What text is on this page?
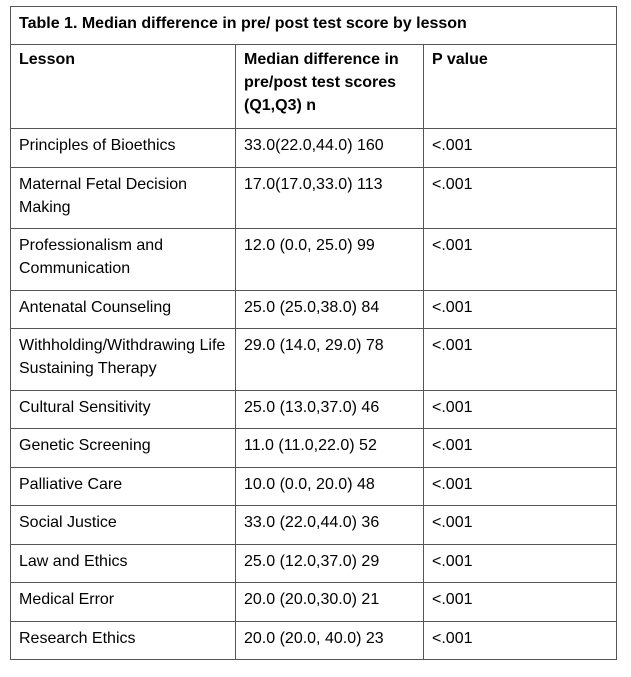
Table 1. Median difference in pre/ post test score by lesson		
Lesson	Median difference in pre/post test scores (Q1,Q3) n	P value
Principles of Bioethics	33.0(22.0,44.0) 160	<.001
Maternal Fetal Decision Making	17.0(17.0,33.0) 113	<.001
Professionalism and Communication	12.0 (0.0, 25.0) 99	<.001
Antenatal Counseling	25.0 (25.0,38.0) 84	<.001
Withholding/Withdrawing Life Sustaining Therapy	29.0 (14.0, 29.0) 78	<.001
Cultural Sensitivity	25.0 (13.0,37.0) 46	<.001
Genetic Screening	11.0 (11.0,22.0) 52	<.001
Palliative Care	10.0 (0.0, 20.0) 48	<.001
Social Justice	33.0 (22.0,44.0) 36	<.001
Law and Ethics	25.0 (12.0,37.0) 29	<.001
Medical Error	20.0 (20.0,30.0) 21	<.001
Research Ethics	20.0 (20.0, 40.0) 23	<.001
